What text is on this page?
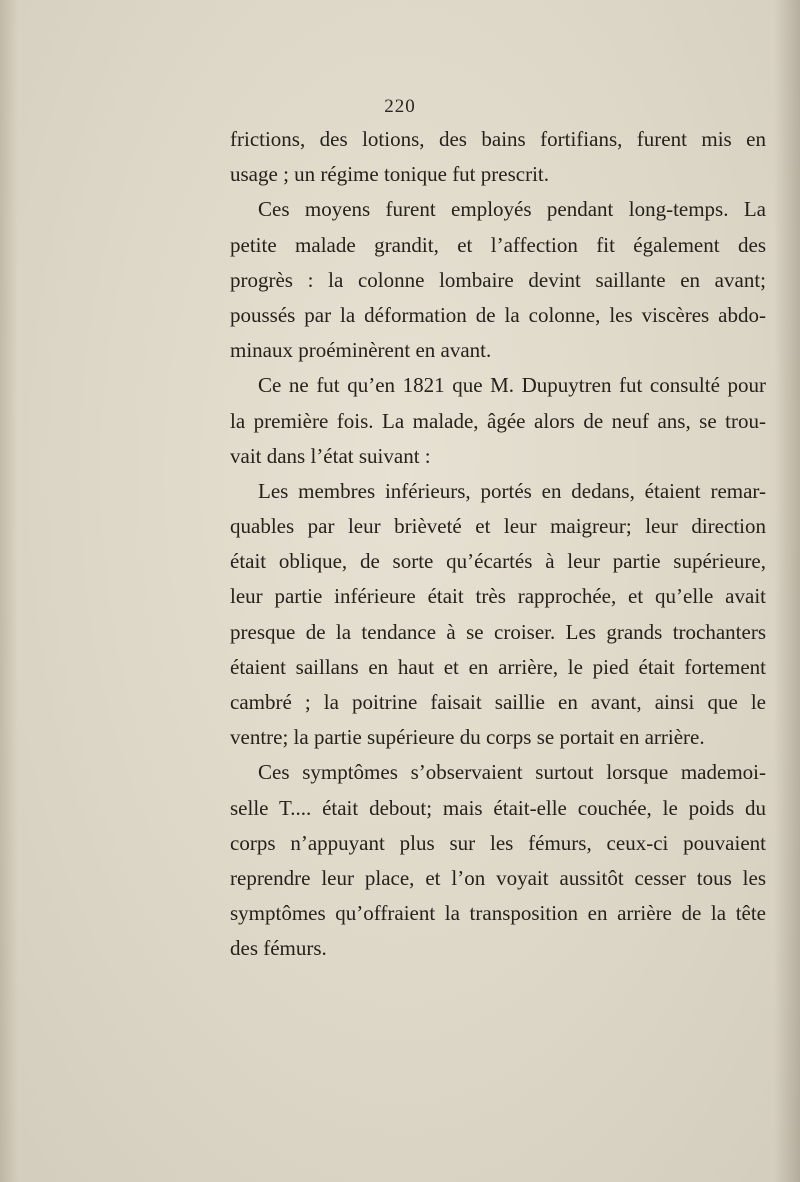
220
frictions, des lotions, des bains fortifians, furent mis en
usage ; un régime tonique fut prescrit.
Ces moyens furent employés pendant long-temps. La
petite malade grandit, et l’affection fit également des
progrès : la colonne lombaire devint saillante en avant;
poussés par la déformation de la colonne, les viscères abdo-
minaux proéminèrent en avant.
Ce ne fut qu’en 1821 que M. Dupuytren fut consulté pour
la première fois. La malade, âgée alors de neuf ans, se trou-
vait dans l’état suivant :
Les membres inférieurs, portés en dedans, étaient remar-
quables par leur brièveté et leur maigreur; leur direction
était oblique, de sorte qu’écartés à leur partie supérieure,
leur partie inférieure était très rapprochée, et qu’elle avait
presque de la tendance à se croiser. Les grands trochanters
étaient saillans en haut et en arrière, le pied était fortement
cambré ; la poitrine faisait saillie en avant, ainsi que le
ventre; la partie supérieure du corps se portait en arrière.
Ces symptômes s’observaient surtout lorsque mademoi-
selle T.... était debout; mais était-elle couchée, le poids du
corps n’appuyant plus sur les fémurs, ceux-ci pouvaient
reprendre leur place, et l’on voyait aussitôt cesser tous les
symptômes qu’offraient la transposition en arrière de la tête
des fémurs.
